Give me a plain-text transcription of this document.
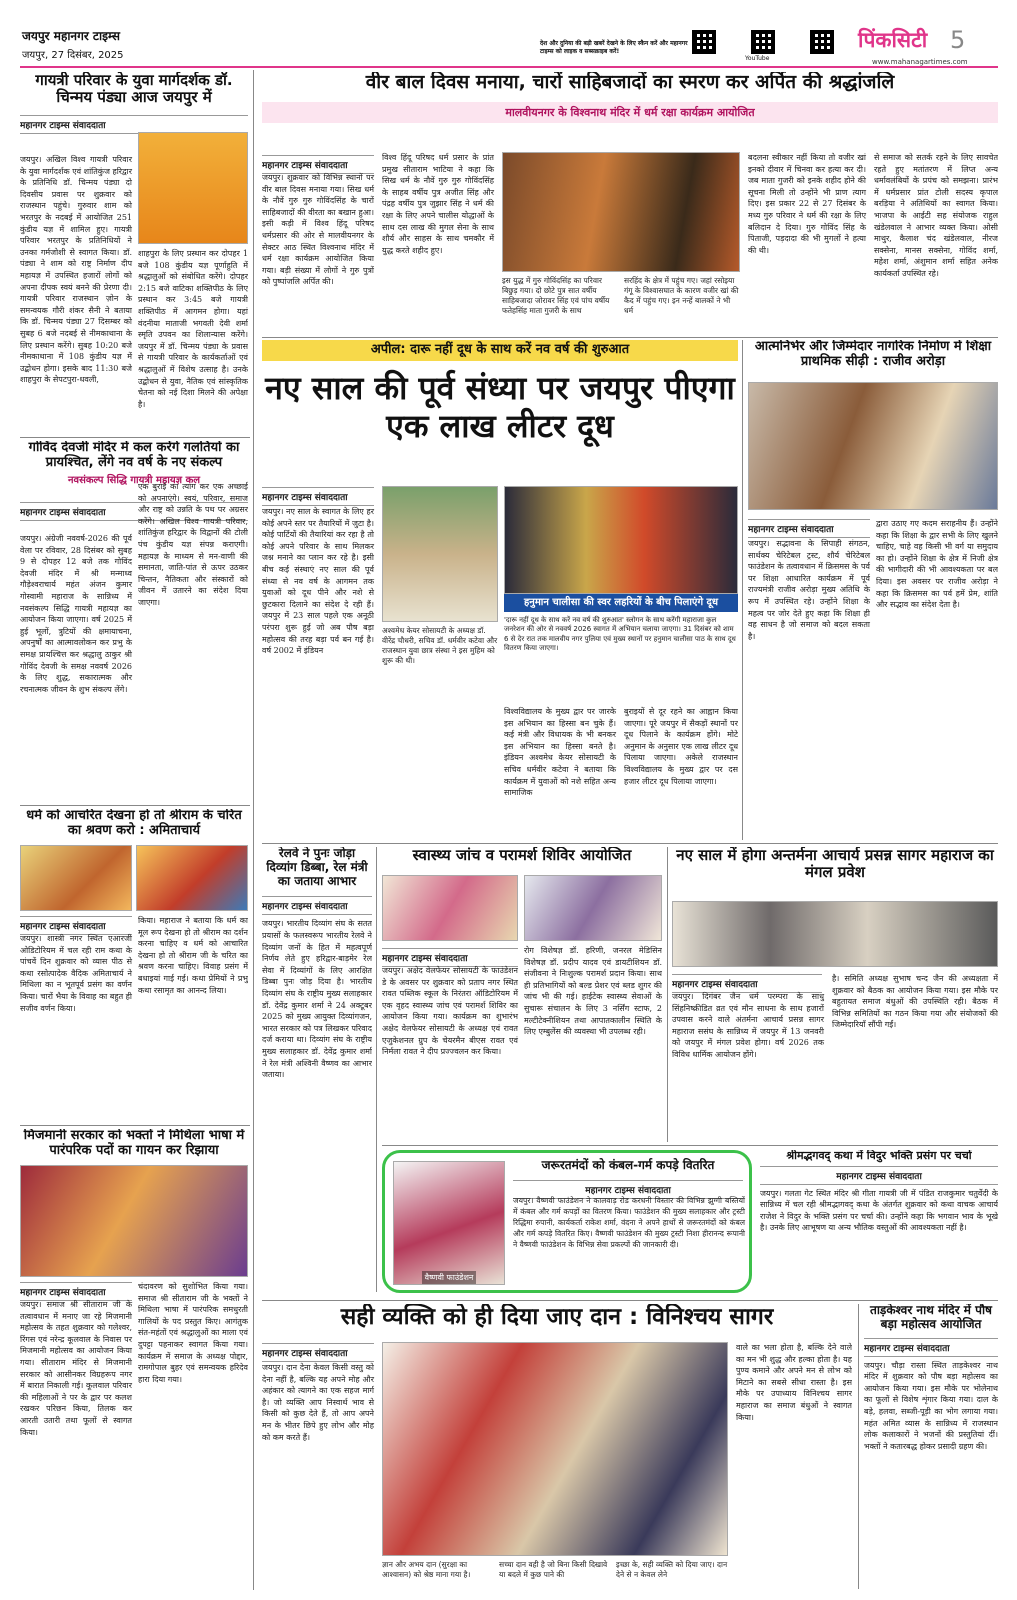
जयपुर महानगर टाइम्स
जयपुर, 27 दिसंबर, 2025
देश और दुनिया की बड़ी खबरें देखने के लिए स्कैन करें और महानगर टाइम्स को लाइक व सब्सक्राइब करें!
YouTube
पिंकसिटी 5
www.mahanagartimes.com
गायत्री परिवार के युवा मार्गदर्शक डॉ. चिन्मय पंड्या आज जयपुर में
महानगर टाइम्स संवाददाता
जयपुर। अखिल विश्व गायत्री परिवार के युवा मार्गदर्शक एवं शांतिकुंज हरिद्वार के प्रतिनिधि डॉ. चिन्मय पंड्या दो दिवसीय प्रवास पर शुक्रवार को राजस्थान पहुंचे। गुरुवार शाम को भरतपुर के नदबई में आयोजित 251 कुंडीय यज्ञ में शामिल हुए। गायत्री परिवार भरतपुर के प्रतिनिधियों ने उनका गर्मजोशी से स्वागत किया। डॉ. पंड्या ने शाम को राष्ट्र निर्माण दीप महायज्ञ में उपस्थित हजारों लोगों को अपना दीपक स्वयं बनने की प्रेरणा दी। गायत्री परिवार राजस्थान ज़ोन के समन्वयक गौरी शंकर सैनी ने बताया कि डॉ. चिन्मय पंड्या 27 दिसम्बर को सुबह 6 बजे नदबई से नीमकाथाना के लिए प्रस्थान करेंगे। सुबह 10:20 बजे नीमकाथाना में 108 कुंडीय यज्ञ में उद्बोधन होगा। इसके बाद 11:30 बजे शाहपुरा के सेपटपुरा-धवली,
शाहपुरा के लिए प्रस्थान कर दोपहर 1 बजे 108 कुंडीय यज्ञ पूर्णाहुति में श्रद्धालुओं को संबोधित करेंगे। दोपहर 2:15 बजे वाटिका शक्तिपीठ के लिए प्रस्थान कर 3:45 बजे गायत्री शक्तिपीठ में आगमन होगा। यहां वंदनीया माताजी भगवती देवी शर्मा स्मृति उपवन का शिलान्यास करेंगे। जयपुर में डॉ. चिन्मय पंड्या के प्रवास से गायत्री परिवार के कार्यकर्ताओं एवं श्रद्धालुओं में विशेष उत्साह है। उनके उद्बोधन से युवा, नैतिक एवं सांस्कृतिक चेतना को नई दिशा मिलने की अपेक्षा है।
गोविंद देवजी मंदिर में कल करेंगे गलतियों का प्रायश्चित, लेंगे नव वर्ष के नए संकल्प
नवसंकल्प सिद्धि गायत्री महायज्ञ कल
महानगर टाइम्स संवाददाता
जयपुर। अंग्रेजी नववर्ष-2026 की पूर्व वेला पर रविवार, 28 दिसंबर को सुबह 9 से दोपहर 12 बजे तक गोविंद देवजी मंदिर में श्री मन्माध्व गौड़ेश्वराचार्य महंत अंजन कुमार गोस्वामी महाराज के सान्निध्य में नवसंकल्प सिद्धि गायत्री महायज्ञ का आयोजन किया जाएगा। वर्ष 2025 में हुई भूलों, त्रुटियों की क्षमायाचना, अपनुर्षों का आत्मावलोकन कर प्रभु के समक्ष प्रायश्चित्त कर श्रद्धालु ठाकुर श्री गोविंद देवजी के समक्ष नववर्ष 2026 के लिए शुद्ध, सकारात्मक और रचनात्मक जीवन के शुभ संकल्प लेंगे।
एक बुराई का त्याग कर एक अच्छाई को अपनाएंगे। स्वयं, परिवार, समाज और राष्ट्र को उन्नति के पथ पर अग्रसर करेंगे। अखिल विश्व गायत्री परिवार, शांतिकुंज हरिद्वार के विद्वानों की टोली पंच कुंडीय यज्ञ संपन्न कराएगी। महायज्ञ के माध्यम से मन-वाणी की समानता, जाति-पांत से ऊपर उठकर चिन्तन, नैतिकता और संस्कारों को जीवन में उतारने का संदेश दिया जाएगा।
धर्म को आचरित देखना हो तो श्रीराम के चरित का श्रवण करो : अमिताचार्य
महानगर टाइम्स संवाददाता
जयपुर। शास्त्री नगर स्थित एआरजी ओडिटोरियम में चल रही राम कथा के पांचवें दिन शुक्रवार को व्यास पीठ से कथा रसोत्पादेक वैदिक अमिताचार्य ने मिथिला का न भूतपूर्व प्रसंग का वर्णन किया। चारों भैया के विवाह का बहुत ही सजीव वर्णन किया।
किया। महाराज ने बताया कि धर्म का मूल रूप देखना हो तो श्रीराम का दर्शन करना चाहिए व धर्म को आचारित देखना हो तो श्रीराम जी के चरित का श्रवण करना चाहिए। विवाह प्रसंग में बधाइयां गाई गई। कथा प्रेमियों ने प्रभु कथा रसामृत का आनन्द लिया।
मिजमानी सरकार को भक्तों ने मिथिला भाषा में पारंपरिक पदों का गायन कर रिझाया
महानगर टाइम्स संवाददाता
जयपुर। समाज श्री सीताराम जी के तत्वावधान में मनाए जा रहे मिजमानी महोत्सव के तहत शुक्रवार को गलेश्वर, रिंगस एवं नरेन्द्र कूलवाल के निवास पर मिजमानी महोत्सव का आयोजन किया गया। सीताराम मंदिर से मिजमानी सरकार को आसीनकर विग्रहरूप नगर में बारात निकाली गई। कूलवाल परिवार की महिलाओं ने पर के द्वार पर कलश रखकर परिछन किया, तिलक कर आरती उतारी तथा फूलों से स्वागत किया।
चंदावरण को सुशोभित किया गया। समाज श्री सीताराम जी के भक्तों ने मिथिला भाषा में पारंपरिक समधुरती गालियों के पद प्रस्तुत किए। आगंतुक संत-महंतों एवं श्रद्धालुओं का माला एवं दुपट्टा पहनाकर स्वागत किया गया। कार्यक्रम में समाज के अध्यक्ष पोद्दार, रामगोपाल बुहर एवं समन्वयक हरिदेव हारा दिया गया।
वीर बाल दिवस मनाया, चारों साहिबजादों का स्मरण कर अर्पित की श्रद्धांजलि
मालवीयनगर के विश्वनाथ मंदिर में धर्म रक्षा कार्यक्रम आयोजित
महानगर टाइम्स संवाददाता
जयपुर। शुक्रवार को विभिन्न स्थानों पर वीर बाल दिवस मनाया गया। सिख धर्म के नौवें गुरु गुरु गोविंदसिंह के चारों साहिबजादों की वीरता का बखान हुआ। इसी कड़ी में विश्व हिंदू परिषद धर्मप्रसार की ओर से मालवीयनगर के सेक्टर आठ स्थित विश्वनाथ मंदिर में धर्म रक्षा कार्यक्रम आयोजित किया गया। बड़ी संख्या में लोगों ने गुरु पुत्रों को पुष्पांजलि अर्पित की।
विश्व हिंदू परिषद धर्म प्रसार के प्रांत प्रमुख सीताराम भाटिया ने कहा कि सिख धर्म के नौवें गुरु गुरु गोविंदसिंह के साहब वर्षीय पुत्र अजीत सिंह और पंद्रह वर्षीय पुत्र जुझार सिंह ने धर्म की रक्षा के लिए अपने चालीस योद्धाओं के साथ दस लाख की मुगल सेना के साथ शौर्य और साहस के साथ चमकौर में युद्ध करते शहीद हुए।
इस युद्ध में गुरु गोविंदसिंह का परिवार बिछुड़ गया। दो छोटे पुत्र सात वर्षीय साहिबजादा जोरावर सिंह एवं पांच वर्षीय फतेहसिंह माता गुजरी के साथ
सरहिंद के क्षेत्र में पहुंच गए। जहां रसोइया गंगू के विश्वासघात के कारण वजीर खां की कैद में पहुंच गए। इन नन्हें बालकों ने भी धर्म
बदलना स्वीकार नहीं किया तो वजीर खां इनको दीवार में चिनवा कर हत्या कर दी। जब माता गुजरी को इनके शहीद होने की सूचना मिली तो उन्होंने भी प्राण त्याग दिए। इस प्रकार 22 से 27 दिसंबर के मध्य गुरु परिवार ने धर्म की रक्षा के लिए बलिदान दे दिया। गुरु गोविंद सिंह के पिताजी, पड़दादा की भी मुगलों ने हत्या की थी।
से समाज को सतर्क रहने के लिए सावचेत रहते हुए मतांतरण में लिप्त अन्य धर्मावलंबियों के प्रपंच को समझना। प्रारंभ में धर्मप्रसार प्रांत टोली सदस्य कृपाल बरड़िया ने अतिथियों का स्वागत किया। भाजपा के आईटी सह संयोजक राहुल खंडेलवाल ने आभार व्यक्त किया। ओसी माथुर, कैलाश चंद खंडेलवाल, नीरज सक्सेना, मानस सक्सेना, गोविंद शर्मा, महेश शर्मा, अंशुमान शर्मा सहित अनेक कार्यकर्ता उपस्थित रहे।
अपील: दारू नहीं दूध के साथ करें नव वर्ष की शुरुआत
नए साल की पूर्व संध्या पर जयपुर पीएगा एक लाख लीटर दूध
महानगर टाइम्स संवाददाता
जयपुर। नए साल के स्वागत के लिए हर कोई अपने स्तर पर तैयारियों में जुटा है। कोई पार्टियों की तैयारियां कर रहा है तो कोई अपने परिवार के साथ मिलकर जश्न मनाने का प्लान कर रहे है। इसी बीच कई संस्थाएं नए साल की पूर्व संध्या से नव वर्ष के आगमन तक युवाओं को दूध पीने और नशे से छुटकारा दिलाने का संदेश दे रही हैं। जयपुर में 23 साल पहले एक अनूठी परंपरा शुरू हुई जो अब पौष बड़ा महोत्सव की तरह बड़ा पर्व बन गई है। वर्ष 2002 में इंडियन
अश्वमेध केयर सोसायटी के अध्यक्ष डॉ. वीरेंद्र चौधरी, सचिव डॉ. धर्मवीर कटेवा और राजस्थान युवा छात्र संस्था ने इस मुहिम को शुरू की थी।
हनुमान चालीसा की स्वर लहरियों के बीच पिलाएंगे दूध
'दारू नहीं दूध के साथ करें नव वर्ष की शुरुआत' स्लोगन के साथ करेंगी महाराजा कुल जनरेशन की ओर से नववर्ष 2026 स्वागत में अभियान चलाया जाएगा। 31 दिसंबर को शाम 6 से देर रात तक मालवीय नगर पुलिया एवं मुख्य स्थानों पर हनुमान चालीसा पाठ के साथ दूध वितरण किया जाएगा।
विश्वविद्यालय के मुख्य द्वार पर जारके इस अभियान का हिस्सा बन चुके हैं। कई मंत्री और विधायक के भी बनकर इस अभियान का हिस्सा बनते है। इंडियन अश्वमेध केयर सोसायटी के सचिव धर्मवीर कटेवा ने बताया कि कार्यक्रम में युवाओं को नशे सहित अन्य सामाजिक
बुराइयों से दूर रहने का आह्वान किया जाएगा। पूरे जयपुर में सैकड़ों स्थानों पर दूध पिलाने के कार्यक्रम होंगे। मोटे अनुमान के अनुसार एक लाख लीटर दूध पिलाया जाएगा। अकेले राजस्थान विश्वविद्यालय के मुख्य द्वार पर दस हजार लीटर दूध पिलाया जाएगा।
आत्मनिर्भर और जिम्मेदार नागरिक निर्माण में शिक्षा प्राथमिक सीढ़ी : राजीव अरोड़ा
महानगर टाइम्स संवाददाता
जयपुर। सद्भावना के सिपाही संगठन, सार्थक्य चेरिटेबल ट्रस्ट, शौर्य चेरिटेबल फाउंडेशन के तत्वावधान में क्रिसमस के पर्व पर शिक्षा आधारित कार्यक्रम में पूर्व राज्यमंत्री राजीव अरोड़ा मुख्य अतिथि के रूप में उपस्थित रहे। उन्होंने शिक्षा के महत्व पर जोर देते हुए कहा कि शिक्षा ही वह साधन है जो समाज को बदल सकता है।
द्वारा उठाए गए कदम सराहनीय हैं। उन्होंने कहा कि शिक्षा के द्वार सभी के लिए खुलने चाहिए, चाहे वह किसी भी वर्ग या समुदाय का हो। उन्होंने शिक्षा के क्षेत्र में निजी क्षेत्र की भागीदारी की भी आवश्यकता पर बल दिया। इस अवसर पर राजीव अरोड़ा ने कहा कि क्रिसमस का पर्व हमें प्रेम, शांति और सद्भाव का संदेश देता है।
रेलवे ने पुनः जोड़ा दिव्यांग डिब्बा, रेल मंत्री का जताया आभार
महानगर टाइम्स संवाददाता
जयपुर। भारतीय दिव्यांग संघ के सतत प्रयासों के फलस्वरूप भारतीय रेलवे ने दिव्यांग जनों के हित में महत्वपूर्ण निर्णय लेते हुए हरिद्वार-बाड़मेर रेल सेवा में दिव्यांगों के लिए आरक्षित डिब्बा पुनः जोड़ दिया है। भारतीय दिव्यांग संघ के राष्ट्रीय मुख्य सलाहकार डॉ. देवेंद्र कुमार शर्मा ने 24 अक्टूबर 2025 को मुख्य आयुक्त दिव्यांगजन, भारत सरकार को पत्र लिखकर परिवाद दर्ज कराया था। दिव्यांग संघ के राष्ट्रीय मुख्य सलाहकार डॉ. देवेंद्र कुमार शर्मा ने रेल मंत्री अश्विनी वैष्णव का आभार जताया।
स्वास्थ्य जांच व परामर्श शिविर आयोजित
महानगर टाइम्स संवाददाता
जयपुर। अक्षेद वेलफेयर सोसायटी के फाउंडेशन डे के अवसर पर शुक्रवार को प्रताप नगर स्थित रावत पब्लिक स्कूल के निरंतरा ऑडिटोरियम में एक वृहद स्वास्थ्य जांच एवं परामर्श शिविर का आयोजन किया गया। कार्यक्रम का शुभारंभ अक्षेद वेलफेयर सोसायटी के अध्यक्ष एवं रावत एजुकेशनल ग्रुप के चेयरमैन बीएस रावत एवं निर्मला रावत ने दीप प्रज्ज्वलन कर किया।
रोग विशेषज्ञ डॉ. हरिणी, जनरल मेडिसिन विशेषज्ञ डॉ. प्रदीप यादव एवं डायटीशियन डॉ. संजीवना ने निःशुल्क परामर्श प्रदान किया। साथ ही प्रतिभागियों को बल्ड प्रेशर एवं ब्लड शुगर की जांच भी की गई। हाईटेक स्वास्थ्य सेवाओं के सुचारू संचालन के लिए 3 नर्सिंग स्टाफ, 2 मल्टीटेक्नीशियन तथा आपातकालीन स्थिति के लिए एम्बुलेंस की व्यवस्था भी उपलब्ध रही।
नए साल में होगा अन्तर्मना आचार्य प्रसन्न सागर महाराज का मंगल प्रवेश
महानगर टाइम्स संवाददाता
जयपुर। दिगंबर जैन धर्म परम्परा के साधु सिंहनिष्क्रीडित व्रत एवं मौन साधना के साथ हजारों उपवास करने वाले अंतर्मना आचार्य प्रसन्न सागर महाराज ससंघ के सान्निध्य में जयपुर में 13 जनवरी को जयपुर में मंगल प्रवेश होगा। वर्ष 2026 तक विविध धार्मिक आयोजन होंगे।
है। समिति अध्यक्ष सुभाष चन्द जैन की अध्यक्षता में शुक्रवार को बैठक का आयोजन किया गया। इस मौके पर बहुतायत समाज बंधुओं की उपस्थिति रही। बैठक में विभिन्न समितियों का गठन किया गया और संयोजकों की जिम्मेदारियाँ सौंपी गईं।
वैष्णवी फाउंडेशन
जरूरतमंदों को कंबल-गर्म कपड़े वितरित
महानगर टाइम्स संवाददाता
जयपुर। वैष्णवी फाउंडेशन ने कालवाड़ रोड करधनी विस्तार की विभिन्न झुग्गी बस्तियों में कंबल और गर्म कपड़ों का वितरण किया। फाउंडेशन की मुख्य सलाहकार और ट्रस्टी रिद्धिमा रुपानी, कार्यकर्ता राकेश शर्मा, वंदना ने अपने हाथों से जरूरतमंदों को कंबल और गर्म कपड़े वितरित किए। वैष्णवी फाउंडेशन की मुख्य ट्रस्टी निशा हीरानन्द रूपानी ने वैष्णवी फाउंडेशन के विभिन्न सेवा प्रकल्पों की जानकारी दी।
श्रीमद्भगवद् कथा में विदुर भक्ति प्रसंग पर चर्चा
महानगर टाइम्स संवाददाता
जयपुर। गलता गेट स्थित मंदिर श्री गीता गायत्री जी में पंडित राजकुमार चतुर्वेदी के सान्निध्य में चल रही श्रीमद्भागवद् कथा के अंतर्गत शुक्रवार को कथा वाचक आचार्य राजेश ने विदुर के भक्ति प्रसंग पर चर्चा की। उन्होंने कहा कि भगवान भाव के भूखे है। उनके लिए आभूषण या अन्य भौतिक वस्तुओं की आवश्यकता नहीं है।
सही व्यक्ति को ही दिया जाए दान : विनिश्चय सागर
महानगर टाइम्स संवाददाता
जयपुर। दान देना केवल किसी वस्तु को देना नहीं है, बल्कि यह अपने मोह और अहंकार को त्यागने का एक सहज मार्ग है। जो व्यक्ति आप निस्वार्थ भाव से किसी को कुछ देते हैं, तो आप अपने मन के भीतर छिपे हुए लोभ और मोह को कम करते हैं।
ज्ञान और अभय दान (सुरक्षा का आश्वासन) को श्रेष्ठ माना गया है।
सच्चा दान वही है जो बिना किसी दिखावे या बदले में कुछ पाने की
इच्छा के, सही व्यक्ति को दिया जाए। दान देने से न केवल लेने
वाले का भला होता है, बल्कि देने वाले का मन भी शुद्ध और हल्का होता है। यह पुण्य कमाने और अपने मन से लोभ को मिटाने का सबसे सीधा रास्ता है। इस मौके पर उपाध्याय विनिश्चय सागर महाराज का समाज बंधुओं ने स्वागत किया।
ताड़केश्वर नाथ मंदिर में पौष बड़ा महोत्सव आयोजित
महानगर टाइम्स संवाददाता
जयपुर। चौड़ा रास्ता स्थित ताड़केश्वर नाथ मंदिर में शुक्रवार को पौष बड़ा महोत्सव का आयोजन किया गया। इस मौके पर भोलेनाथ का फूलों से विशेष शृंगार किया गया। दाल के बड़े, हलवा, सब्जी-पूड़ी का भोग लगाया गया। महंत अमित व्यास के सान्निध्य में राजस्थान लोक कलाकारों ने भजनों की प्रस्तुतियां दीं। भक्तों ने कतारबद्ध होकर प्रसादी ग्रहण की।
